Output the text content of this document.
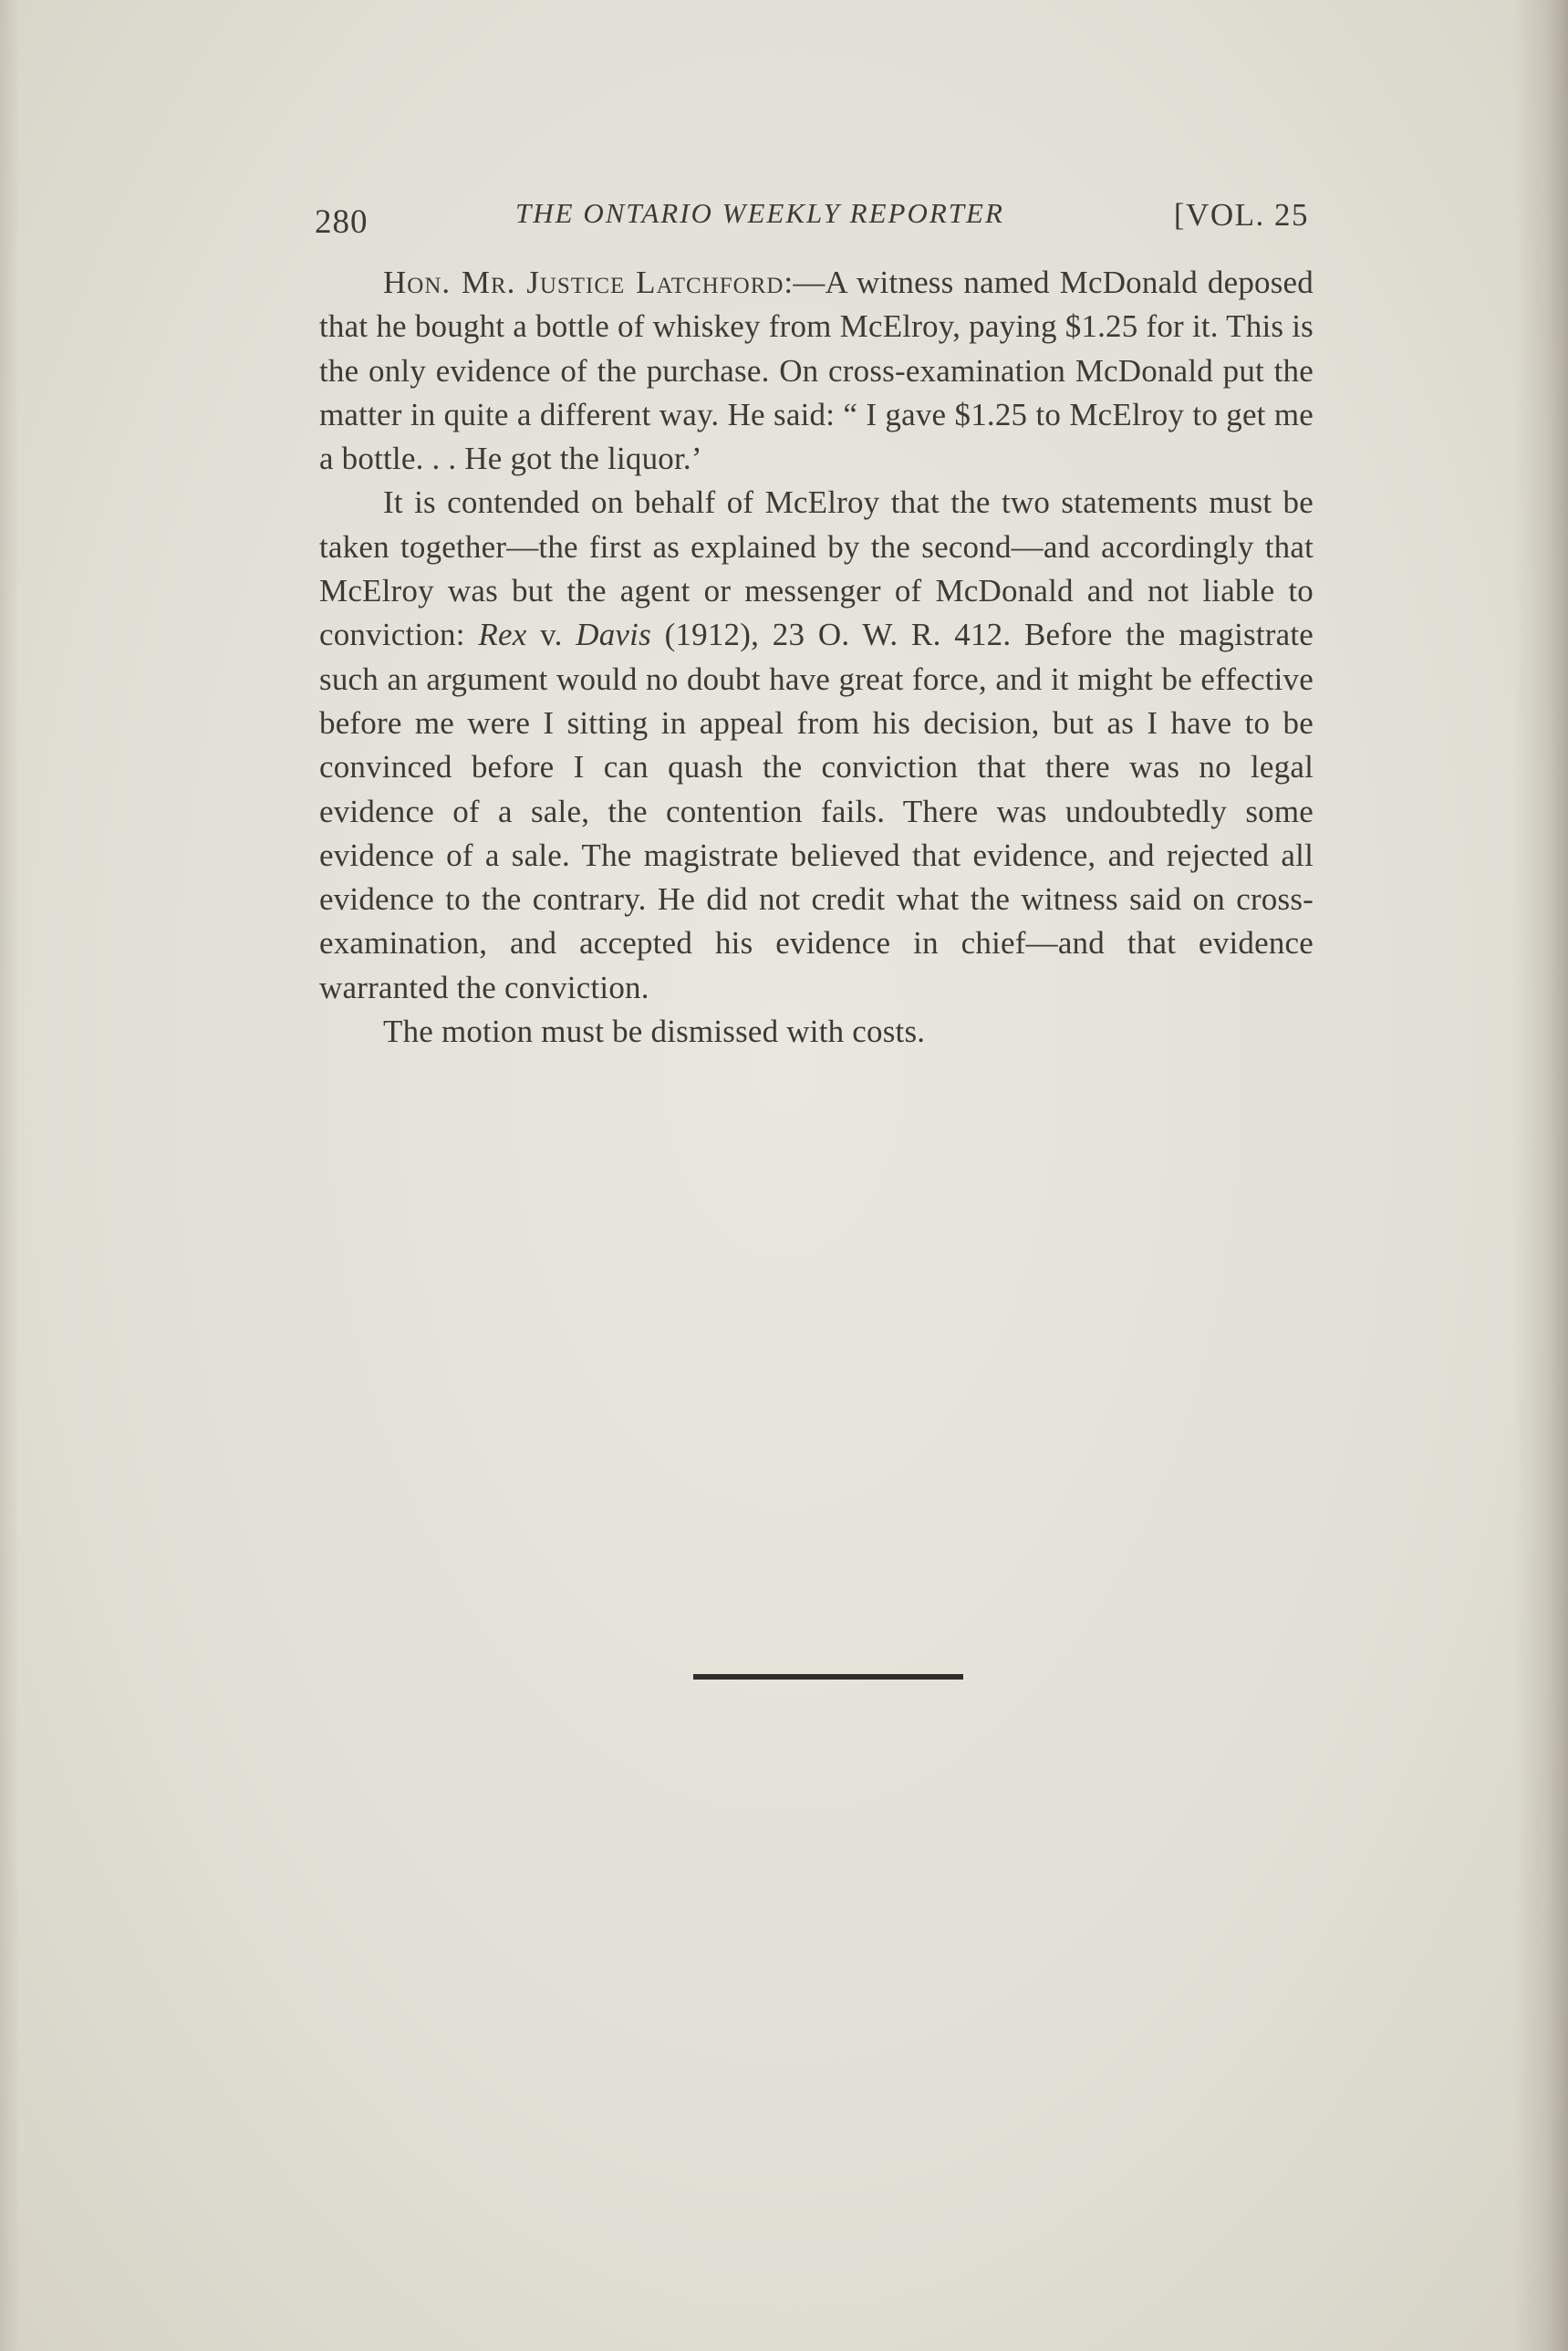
280	THE ONTARIO WEEKLY REPORTER	[VOL. 25

Hon. Mr. Justice Latchford:—A witness named McDonald deposed that he bought a bottle of whiskey from McElroy, paying $1.25 for it. This is the only evidence of the purchase. On cross-examination McDonald put the matter in quite a different way. He said: “ I gave $1.25 to McElroy to get me a bottle. . . He got the liquor.’

It is contended on behalf of McElroy that the two statements must be taken together—the first as explained by the second—and accordingly that McElroy was but the agent or messenger of McDonald and not liable to conviction: Rex v. Davis (1912), 23 O. W. R. 412. Before the magistrate such an argument would no doubt have great force, and it might be effective before me were I sitting in appeal from his decision, but as I have to be convinced before I can quash the conviction that there was no legal evidence of a sale, the contention fails. There was undoubtedly some evidence of a sale. The magistrate believed that evidence, and rejected all evidence to the contrary. He did not credit what the witness said on cross-examination, and accepted his evidence in chief—and that evidence warranted the conviction.

The motion must be dismissed with costs.
